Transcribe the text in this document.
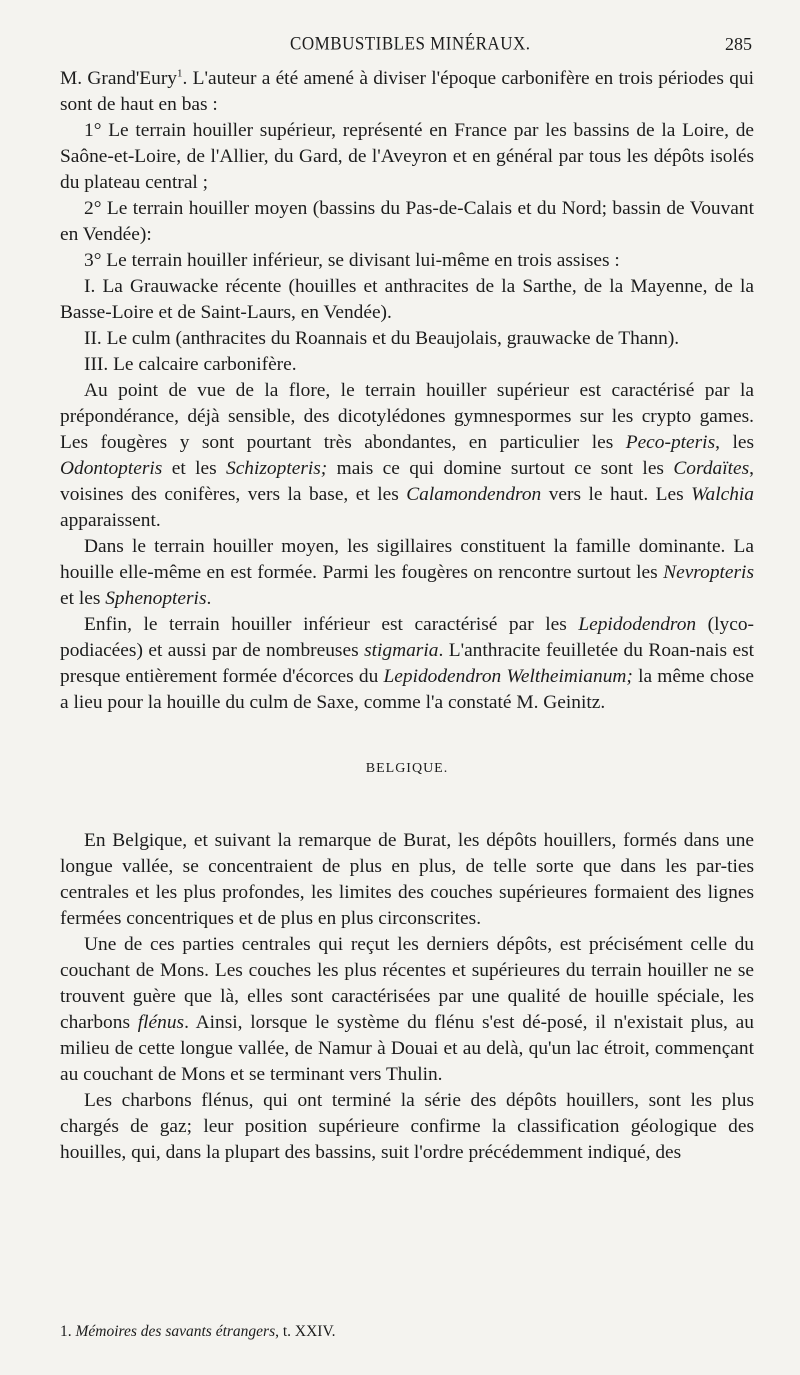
COMBUSTIBLES MINÉRAUX.	285

M. Grand'Eury$^1$. L'auteur a été amené à diviser l'époque carbonifère en trois périodes qui sont de haut en bas :

1° Le terrain houiller supérieur, représenté en France par les bassins de la Loire, de Saône-et-Loire, de l'Allier, du Gard, de l'Aveyron et en général par tous les dépôts isolés du plateau central ;

2° Le terrain houiller moyen (bassins du Pas-de-Calais et du Nord; bassin de Vouvant en Vendée):

3° Le terrain houiller inférieur, se divisant lui-même en trois assises :

I. La Grauwacke récente (houilles et anthracites de la Sarthe, de la Mayenne, de la Basse-Loire et de Saint-Laurs, en Vendée).

II. Le culm (anthracites du Roannais et du Beaujolais, grauwacke de Thann).

III. Le calcaire carbonifère.

Au point de vue de la flore, le terrain houiller supérieur est caractérisé par la prépondérance, déjà sensible, des dicotylédones gymnespormes sur les crypto games. Les fougères y sont pourtant très abondantes, en particulier les Peco-pteris, les Odontopteris et les Schizopteris; mais ce qui domine surtout ce sont les Cordaïtes, voisines des conifères, vers la base, et les Calamondendron vers le haut. Les Walchia apparaissent.

Dans le terrain houiller moyen, les sigillaires constituent la famille dominante. La houille elle-même en est formée. Parmi les fougères on rencontre surtout les Nevropteris et les Sphenopteris.

Enfin, le terrain houiller inférieur est caractérisé par les Lepidodendron (lyco-podiacées) et aussi par de nombreuses stigmaria. L'anthracite feuilletée du Roan-nais est presque entièrement formée d'écorces du Lepidodendron Weltheimianum; la même chose a lieu pour la houille du culm de Saxe, comme l'a constaté M. Geinitz.

BELGIQUE.

En Belgique, et suivant la remarque de Burat, les dépôts houillers, formés dans une longue vallée, se concentraient de plus en plus, de telle sorte que dans les par-ties centrales et les plus profondes, les limites des couches supérieures formaient des lignes fermées concentriques et de plus en plus circonscrites.

Une de ces parties centrales qui reçut les derniers dépôts, est précisément celle du couchant de Mons. Les couches les plus récentes et supérieures du terrain houiller ne se trouvent guère que là, elles sont caractérisées par une qualité de houille spéciale, les charbons flénus. Ainsi, lorsque le système du flénu s'est dé-posé, il n'existait plus, au milieu de cette longue vallée, de Namur à Douai et au delà, qu'un lac étroit, commençant au couchant de Mons et se terminant vers Thulin.

Les charbons flénus, qui ont terminé la série des dépôts houillers, sont les plus chargés de gaz; leur position supérieure confirme la classification géologique des houilles, qui, dans la plupart des bassins, suit l'ordre précédemment indiqué, des

1. Mémoires des savants étrangers, t. XXIV.
